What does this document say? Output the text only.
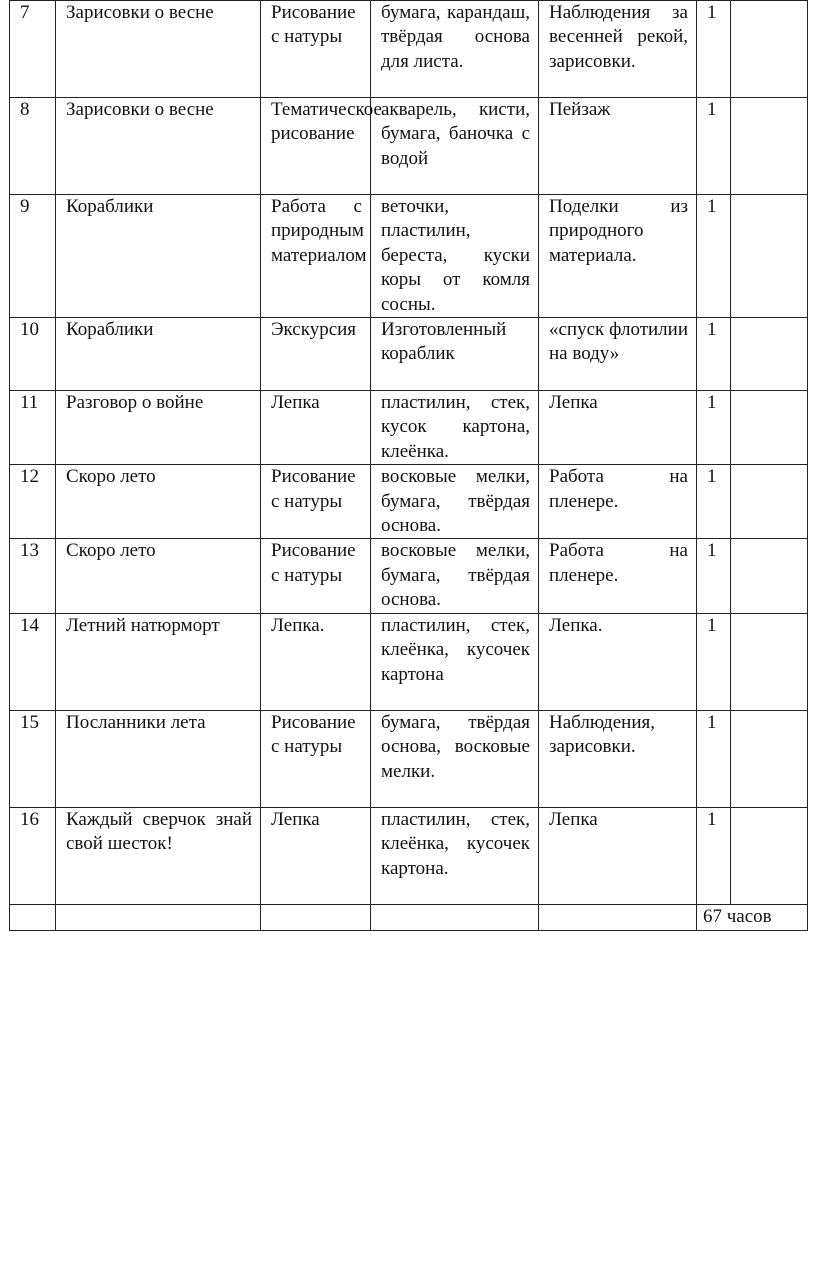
7	Зарисовки о весне	Рисование с натуры	бумага, карандаш, твёрдая основа для листа.	Наблюдения за весенней рекой, зарисовки.	1	
8	Зарисовки о весне	Тематическое рисование	акварель, кисти, бумага, баночка с водой	Пейзаж	1	
9	Кораблики	Работа с природным материалом	веточки, пластилин, береста, куски коры от комля сосны.	Поделки из природного материала.	1	
10	Кораблики	Экскурсия	Изготовленный кораблик	«спуск флотилии на воду»	1	
11	Разговор о войне	Лепка	пластилин, стек, кусок картона, клеёнка.	Лепка	1	
12	Скоро лето	Рисование с натуры	восковые мелки, бумага, твёрдая основа.	Работа на пленере.	1	
13	Скоро лето	Рисование с натуры	восковые мелки, бумага, твёрдая основа.	Работа на пленере.	1	
14	Летний натюрморт	Лепка.	пластилин, стек, клеёнка, кусочек картона	Лепка.	1	
15	Посланники лета	Рисование с натуры	бумага, твёрдая основа, восковые мелки.	Наблюдения, зарисовки.	1	
16	Каждый сверчок знай свой шесток!	Лепка	пластилин, стек, клеёнка, кусочек картона.	Лепка	1	
					67 часов	
